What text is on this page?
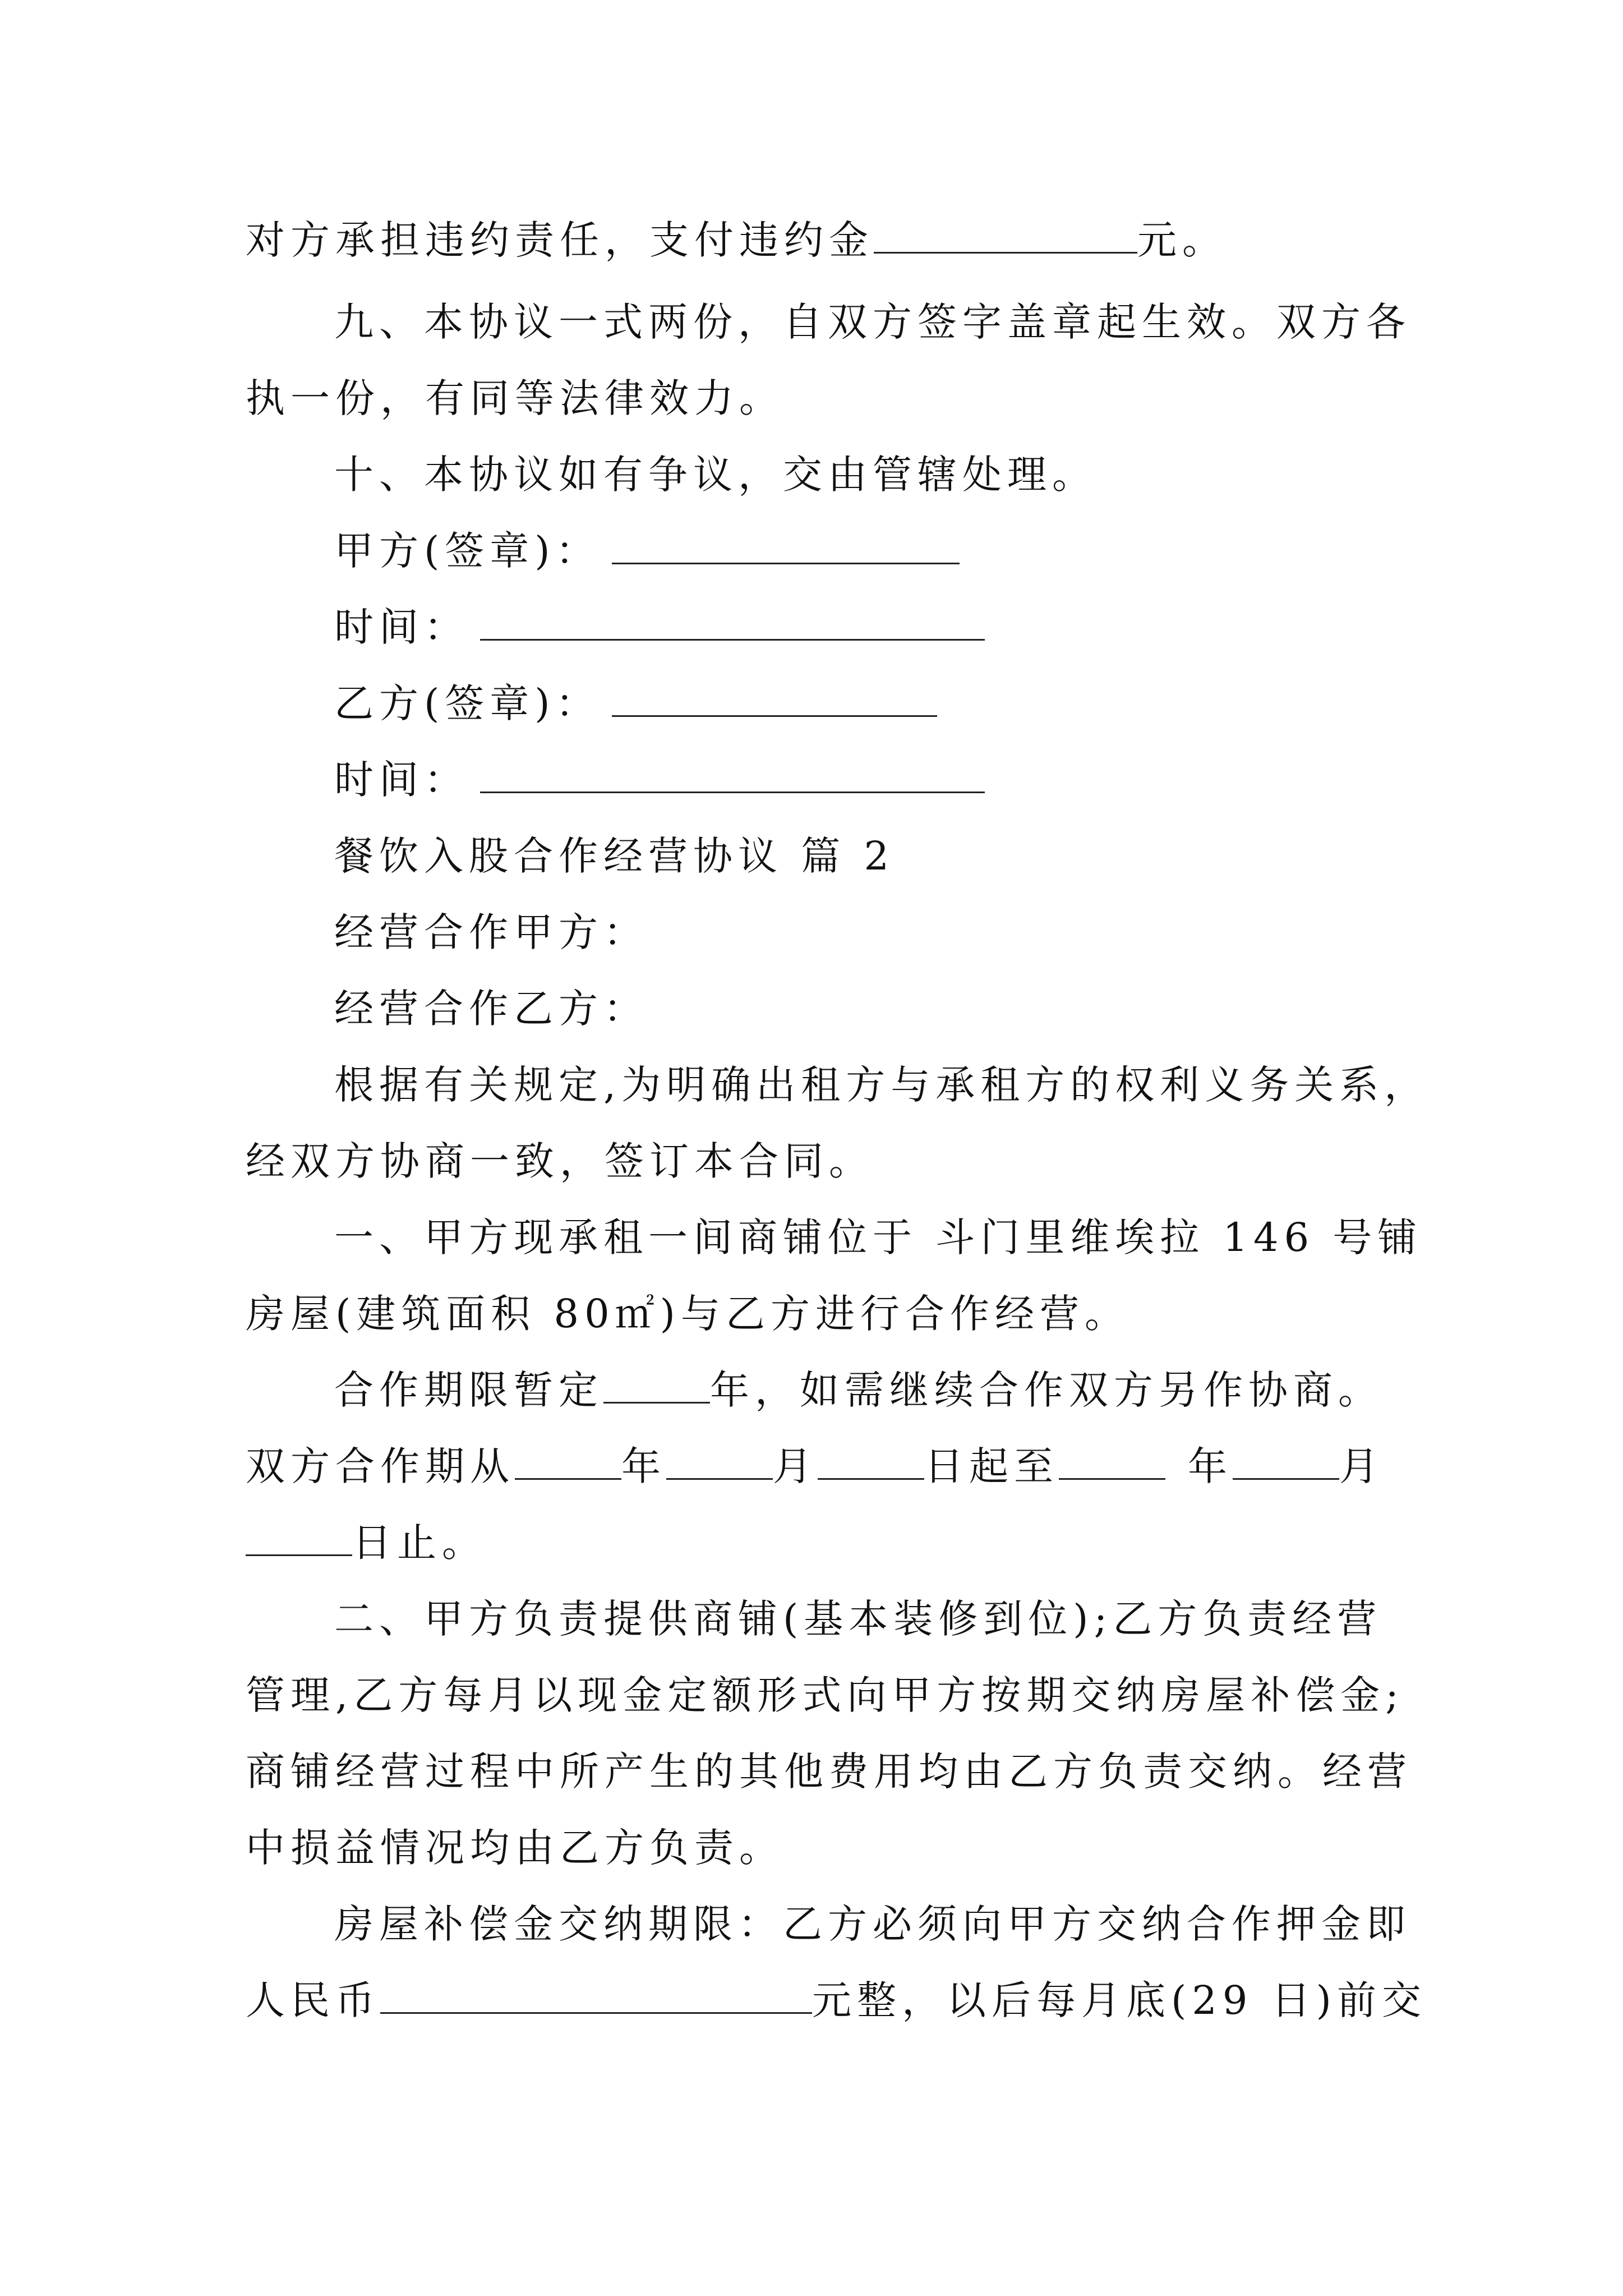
对方承担违约责任，支付违约金	元。
九、本协议一式两份，自双方签字盖章起生效。双方各
执一份，有同等法律效力。
十、本协议如有争议，交由管辖处理。
甲方(签章)：
时间：
乙方(签章)：
时间：
餐饮入股合作经营协议 篇 2
经营合作甲方：
经营合作乙方：
根据有关规定,为明确出租方与承租方的权利义务关系，
经双方协商一致，签订本合同。
一、甲方现承租一间商铺位于 斗门里维埃拉 146 号铺
房屋(建筑面积 80㎡)与乙方进行合作经营。
合作期限暂定	年，如需继续合作双方另作协商。
双方合作期从	年	月	日起至	年	月
日止。
二、甲方负责提供商铺(基本装修到位);乙方负责经营
管理,乙方每月以现金定额形式向甲方按期交纳房屋补偿金;
商铺经营过程中所产生的其他费用均由乙方负责交纳。经营
中损益情况均由乙方负责。
房屋补偿金交纳期限：乙方必须向甲方交纳合作押金即
人民币	元整，以后每月底(29 日)前交
